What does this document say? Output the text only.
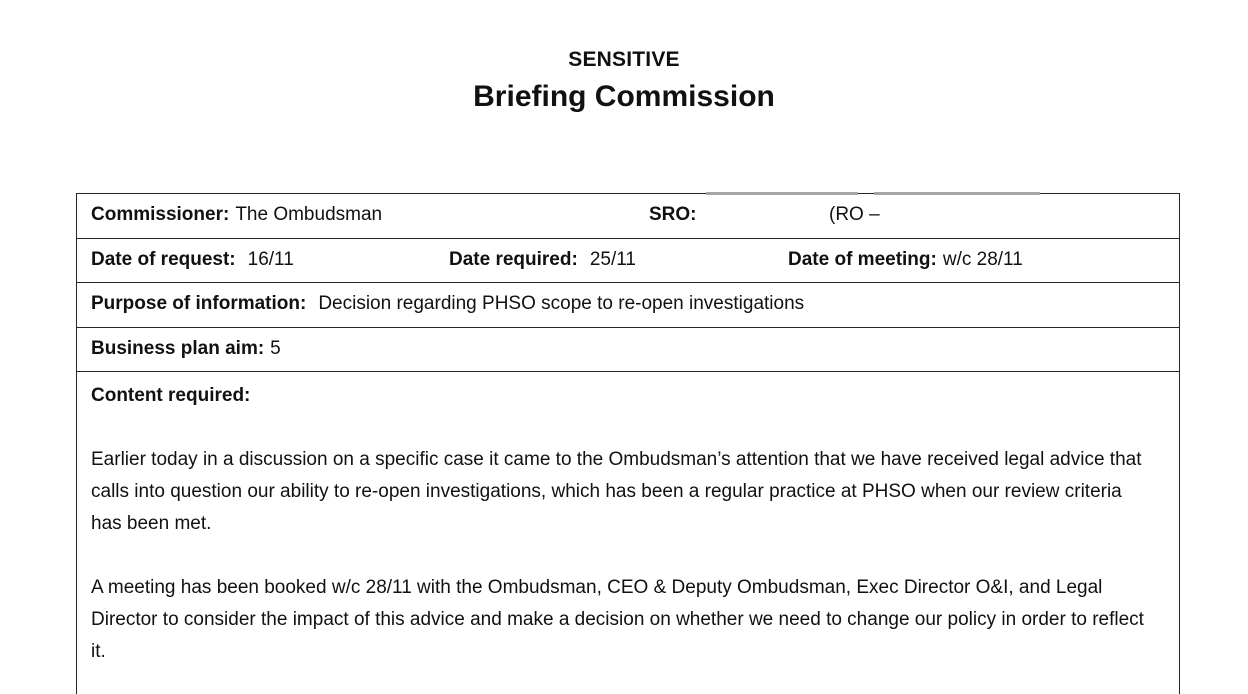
SENSITIVE
Briefing Commission
Commissioner: The Ombudsman	SRO:	(RO –
Date of request: 16/11	Date required: 25/11	Date of meeting: w/c 28/11
Purpose of information: Decision regarding PHSO scope to re-open investigations
Business plan aim: 5
Content required:

Earlier today in a discussion on a specific case it came to the Ombudsman’s attention that we have received legal advice that calls into question our ability to re-open investigations, which has been a regular practice at PHSO when our review criteria has been met.

A meeting has been booked w/c 28/11 with the Ombudsman, CEO & Deputy Ombudsman, Exec Director O&I, and Legal Director to consider the impact of this advice and make a decision on whether we need to change our policy in order to reflect it.
